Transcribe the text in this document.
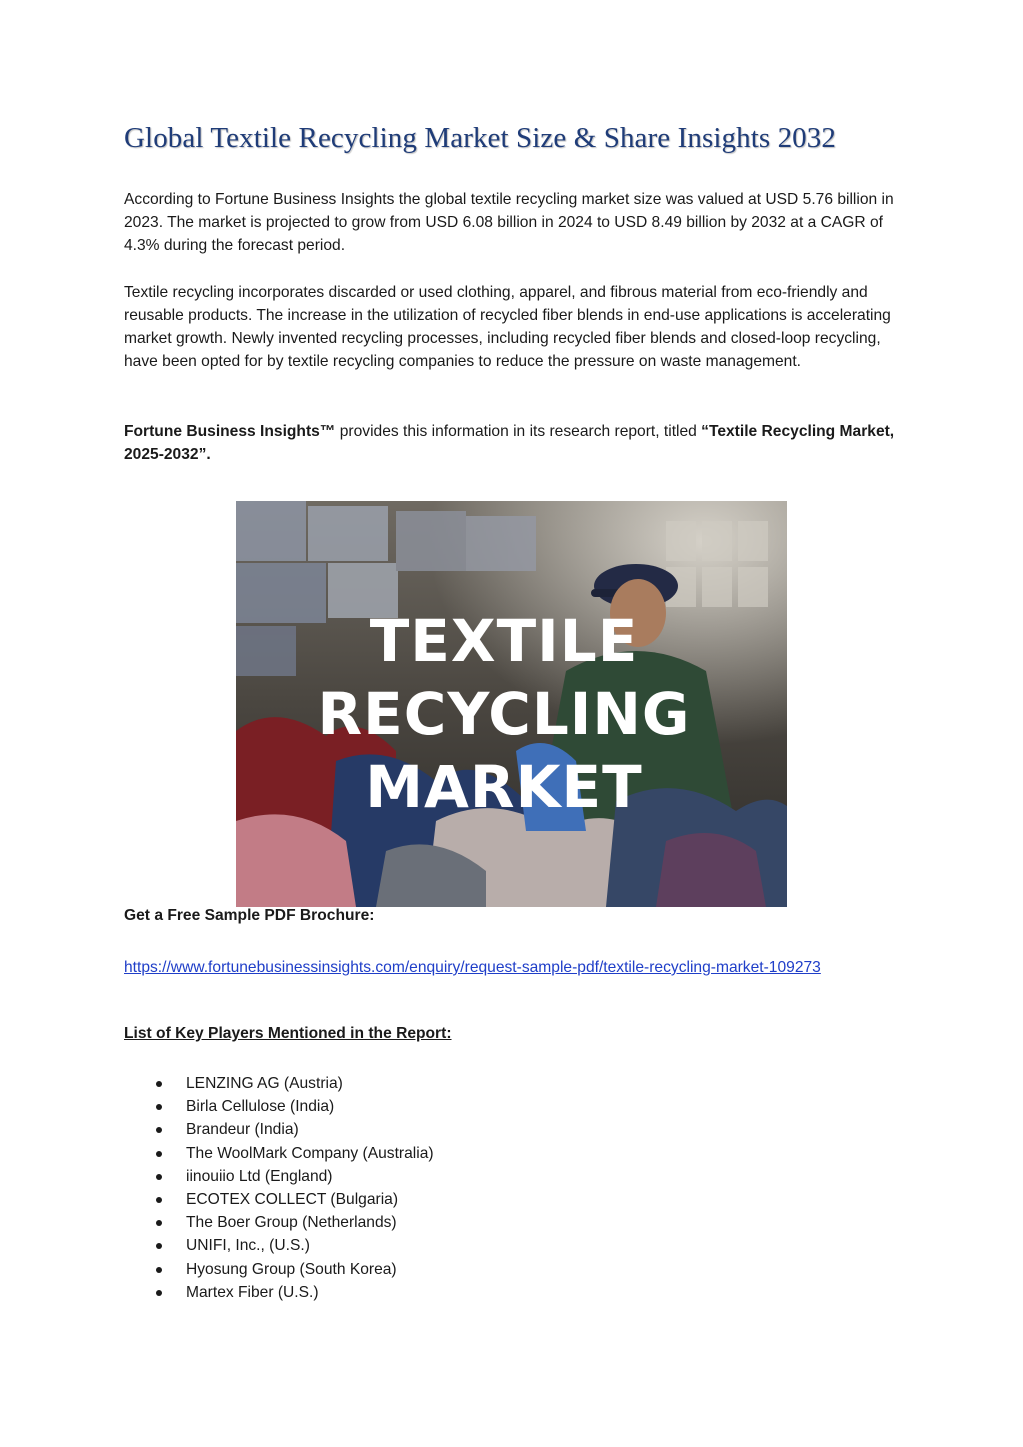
Global Textile Recycling Market Size & Share Insights 2032

According to Fortune Business Insights the global textile recycling market size was valued at USD 5.76 billion in 2023. The market is projected to grow from USD 6.08 billion in 2024 to USD 8.49 billion by 2032 at a CAGR of 4.3% during the forecast period.

Textile recycling incorporates discarded or used clothing, apparel, and fibrous material from eco-friendly and reusable products. The increase in the utilization of recycled fiber blends in end-use applications is accelerating market growth. Newly invented recycling processes, including recycled fiber blends and closed-loop recycling, have been opted for by textile recycling companies to reduce the pressure on waste management.

Fortune Business Insights™ provides this information in its research report, titled “Textile Recycling Market, 2025-2032”.

TEXTILE
RECYCLING
MARKET
Get a Free Sample PDF Brochure:
https://www.fortunebusinessinsights.com/enquiry/request-sample-pdf/textile-recycling-market-109273
List of Key Players Mentioned in the Report:
LENZING AG (Austria)
Birla Cellulose (India)
Brandeur (India)
The WoolMark Company (Australia)
iinouiio Ltd (England)
ECOTEX COLLECT (Bulgaria)
The Boer Group (Netherlands)
UNIFI, Inc., (U.S.)
Hyosung Group (South Korea)
Martex Fiber (U.S.)
